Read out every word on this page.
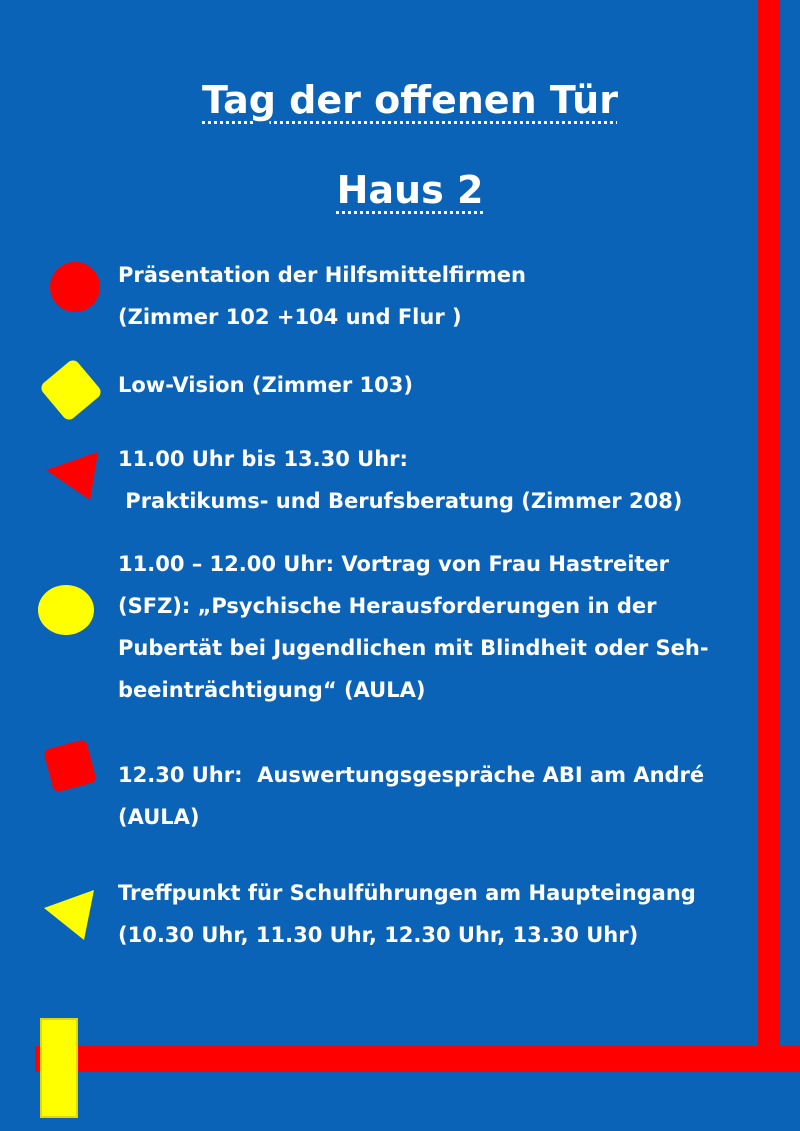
Tag der offenen Tür
Haus 2
Präsentation der Hilfsmittelfirmen
(Zimmer 102 +104 und Flur )
Low-Vision (Zimmer 103)
11.00 Uhr bis 13.30 Uhr:
Praktikums- und Berufsberatung (Zimmer 208)
11.00 – 12.00 Uhr: Vortrag von Frau Hastreiter
(SFZ): „Psychische Herausforderungen in der
Pubertät bei Jugendlichen mit Blindheit oder Seh-
beeinträchtigung“ (AULA)
12.30 Uhr:  Auswertungsgespräche ABI am André
(AULA)
Treffpunkt für Schulführungen am Haupteingang
(10.30 Uhr, 11.30 Uhr, 12.30 Uhr, 13.30 Uhr)
